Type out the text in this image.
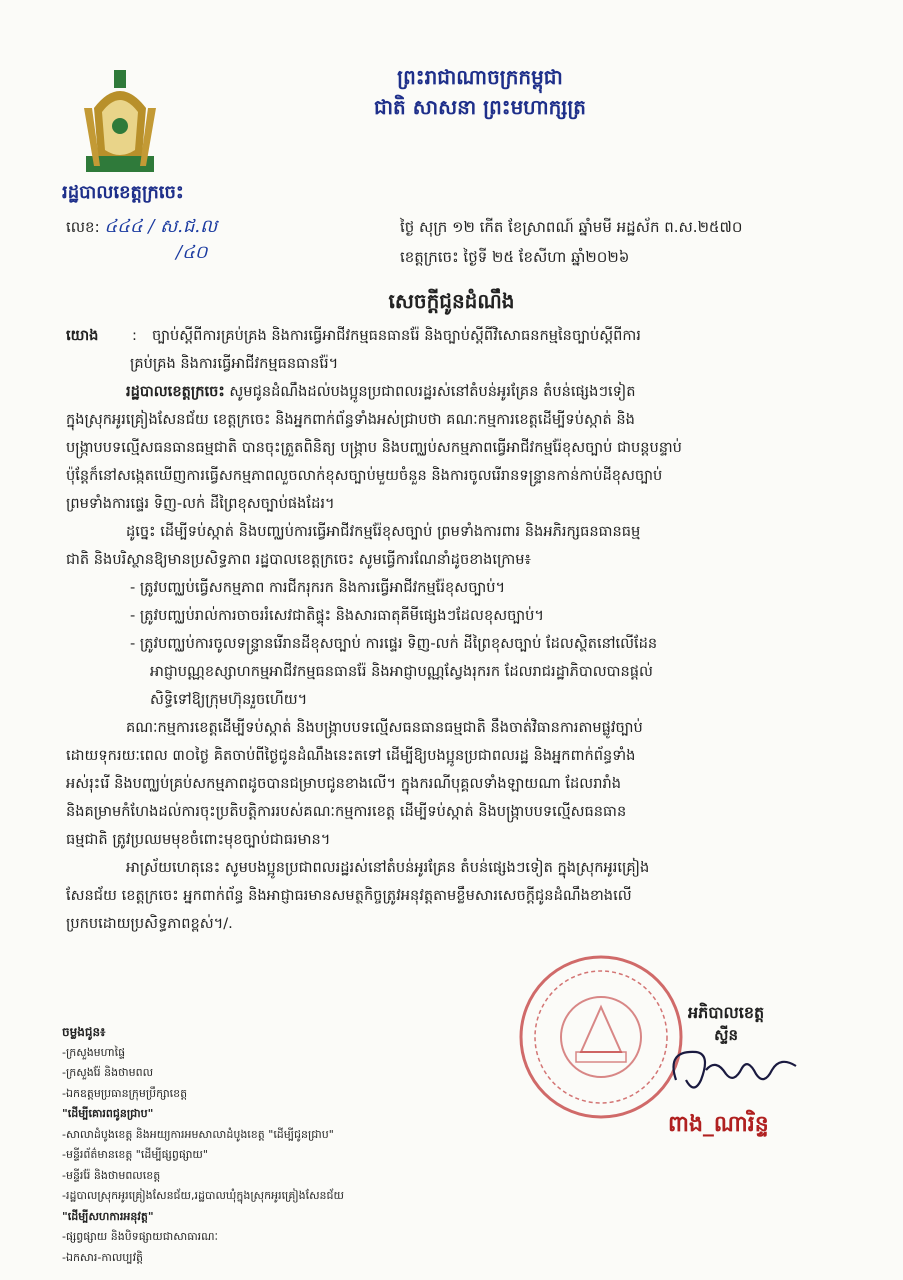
ព្រះរាជាណាចក្រកម្ពុជា
ជាតិ សាសនា ព្រះមហាក្សត្រ
រដ្ឋបាលខេត្តក្រចេះ
លេខ: ៤៤៤ / ស.ជ.ល
/៤០
ថ្ងៃ សុក្រ ១២ កើត ខែស្រាពណ៍ ឆ្នាំមមី អដ្ឋស័ក ព.ស.២៥៧០
ខេត្តក្រចេះ ថ្ងៃទី ២៥ ខែសីហា ឆ្នាំ២០២៦
សេចក្ដីជូនដំណឹង
យោង	:	ច្បាប់ស្ដីពីការគ្រប់គ្រង និងការធ្វើអាជីវកម្មធនធានរ៉ែ និងច្បាប់ស្ដីពីវិសោធនកម្មនៃច្បាប់ស្ដីពីការ

គ្រប់គ្រង និងការធ្វើអាជីវកម្មធនធានរ៉ែ។

រដ្ឋបាលខេត្តក្រចេះ សូមជូនដំណឹងដល់បងប្អូនប្រជាពលរដ្ឋរស់នៅតំបន់អូរគ្រែន តំបន់ផ្សេងៗទៀត

ក្នុងស្រុកអូរគ្រៀងសែនជ័យ ខេត្តក្រចេះ និងអ្នកពាក់ព័ន្ធទាំងអស់ជ្រាបថា គណៈកម្មការខេត្តដើម្បីទប់ស្កាត់ និង

បង្ក្រាបបទល្មើសធនធានធម្មជាតិ បានចុះត្រួតពិនិត្យ បង្ក្រាប និងបញ្ឈប់សកម្មភាពធ្វើអាជីវកម្មរ៉ែខុសច្បាប់ ជាបន្តបន្ទាប់

ប៉ុន្តែក៏នៅសង្កេតឃើញការធ្វើសកម្មភាពលួចលាក់ខុសច្បាប់មួយចំនួន និងការចូលរើរានទន្ទ្រានកាន់កាប់ដីខុសច្បាប់

ព្រមទាំងការផ្ទេរ ទិញ-លក់ ដីព្រៃខុសច្បាប់ផងដែរ។

ដូច្នេះ ដើម្បីទប់ស្កាត់ និងបញ្ឈប់ការធ្វើអាជីវកម្មរ៉ែខុសច្បាប់ ព្រមទាំងការពារ និងអភិរក្សធនធានធម្ម

ជាតិ និងបរិស្ថានឱ្យមានប្រសិទ្ធភាព រដ្ឋបាលខេត្តក្រចេះ សូមធ្វើការណែនាំដូចខាងក្រោម៖

- ត្រូវបញ្ឈប់ធ្វើសកម្មភាព ការជីករុករក និងការធ្វើអាជីវកម្មរ៉ែខុសច្បាប់។

- ត្រូវបញ្ឈប់រាល់ការចាចររំសេវជាតិផ្ទុះ និងសារធាតុគីមីផ្សេងៗដែលខុសច្បាប់។

- ត្រូវបញ្ឈប់ការចូលទន្ទ្រានរើរានដីខុសច្បាប់ ការផ្ទេរ ទិញ-លក់ ដីព្រៃខុសច្បាប់ ដែលស្ថិតនៅលើដែន

អាជ្ញាបណ្ណខស្សាហកម្មអាជីវកម្មធនធានរ៉ែ និងអាជ្ញាបណ្ណស្វែងរុករក ដែលរាជរដ្ឋាភិបាលបានផ្ដល់

សិទ្ធិទៅឱ្យក្រុមហ៊ុនរួចហើយ។

គណៈកម្មការខេត្តដើម្បីទប់ស្កាត់ និងបង្ក្រាបបទល្មើសធនធានធម្មជាតិ នឹងចាត់វិធានការតាមផ្លូវច្បាប់

ដោយទុករយៈពេល ៣០ថ្ងៃ គិតចាប់ពីថ្ងៃជូនដំណឹងនេះតទៅ ដើម្បីឱ្យបងប្អូនប្រជាពលរដ្ឋ និងអ្នកពាក់ព័ន្ធទាំង

អស់រុះរើ និងបញ្ឈប់គ្រប់សកម្មភាពដូចបានជម្រាបជូនខាងលើ។ ក្នុងករណីបុគ្គលទាំងឡាយណា ដែលរារាំង

និងគម្រាមកំហែងដល់ការចុះប្រតិបត្តិការរបស់គណៈកម្មការខេត្ត ដើម្បីទប់ស្កាត់ និងបង្ក្រាបបទល្មើសធនធាន

ធម្មជាតិ ត្រូវប្រឈមមុខចំពោះមុខច្បាប់ជាធរមាន។

អាស្រ័យហេតុនេះ សូមបងប្អូនប្រជាពលរដ្ឋរស់នៅតំបន់អូរគ្រែន តំបន់ផ្សេងៗទៀត ក្នុងស្រុកអូរគ្រៀង

សែនជ័យ ខេត្តក្រចេះ អ្នកពាក់ព័ន្ធ និងអាជ្ញាធរមានសមត្ថកិច្ចត្រូវអនុវត្តតាមខ្លឹមសារសេចក្ដីជូនដំណឹងខាងលើ

ប្រកបដោយប្រសិទ្ធភាពខ្ពស់។/.

ចម្លងជូន៖
-ក្រសួងមហាផ្ទៃ
-ក្រសួងរ៉ែ និងថាមពល
-ឯកឧត្ដមប្រធានក្រុមប្រឹក្សាខេត្ត
"ដើម្បីគោរពជូនជ្រាប"
-សាលាដំបូងខេត្ត និងអយ្យការអមសាលាដំបូងខេត្ត "ដើម្បីជូនជ្រាប"
-មន្ទីរព័ត៌មានខេត្ត "ដើម្បីផ្សព្វផ្សាយ"
-មន្ទីររ៉ែ និងថាមពលខេត្ត
-រដ្ឋបាលស្រុកអូរគ្រៀងសែនជ័យ,រដ្ឋបាលឃុំក្នុងស្រុកអូរគ្រៀងសែនជ័យ
"ដើម្បីសហការអនុវត្ត"
-ផ្សព្វផ្សាយ និងបិទផ្សាយជាសាធារណៈ
-ឯកសារ-កាលប្បវត្តិ
អភិបាលខេត្ត
ស្ទីន
ពាង_ណារិន្ទ
